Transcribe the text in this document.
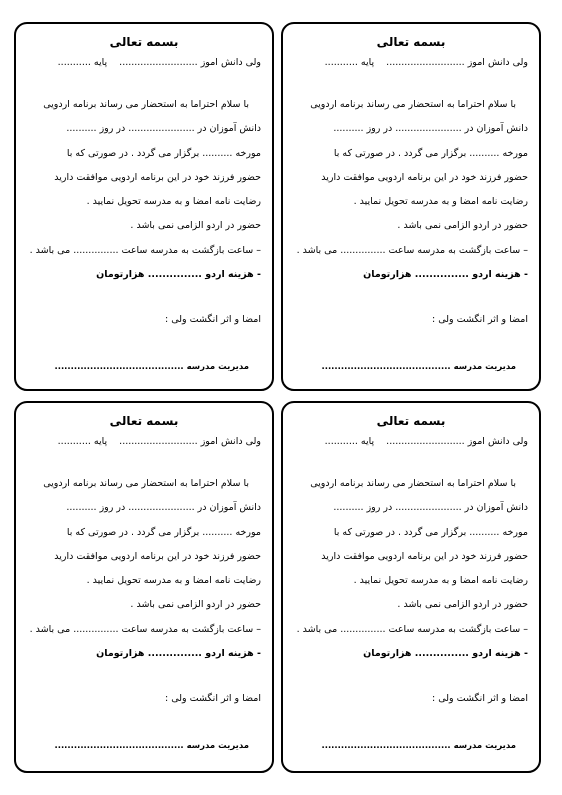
بسمه تعالی
ولی دانش آموز ..........................پایه ...........

با سلام احتراما به استحضار می رساند برنامه اردویی

دانش آموزان در ...................... در روز ..........

مورخه .......... برگزار می گردد . در صورتی که با

حضور فرزند خود در این برنامه اردویی موافقت دارید

رضایت نامه امضا و به مدرسه تحویل نمایید .

حضور در اردو الزامی نمی باشد .

– ساعت بازگشت به مدرسه ساعت ............... می باشد .

- هزینه اردو ............... هزارتومان

امضا و اثر انگشت ولی :
مدیریت مدرسه ........................................
بسمه تعالی
ولی دانش آموز ..........................پایه ...........

با سلام احتراما به استحضار می رساند برنامه اردویی

دانش آموزان در ...................... در روز ..........

مورخه .......... برگزار می گردد . در صورتی که با

حضور فرزند خود در این برنامه اردویی موافقت دارید

رضایت نامه امضا و به مدرسه تحویل نمایید .

حضور در اردو الزامی نمی باشد .

– ساعت بازگشت به مدرسه ساعت ............... می باشد .

- هزینه اردو ............... هزارتومان

امضا و اثر انگشت ولی :
مدیریت مدرسه ........................................
بسمه تعالی
ولی دانش آموز ..........................پایه ...........

با سلام احتراما به استحضار می رساند برنامه اردویی

دانش آموزان در ...................... در روز ..........

مورخه .......... برگزار می گردد . در صورتی که با

حضور فرزند خود در این برنامه اردویی موافقت دارید

رضایت نامه امضا و به مدرسه تحویل نمایید .

حضور در اردو الزامی نمی باشد .

– ساعت بازگشت به مدرسه ساعت ............... می باشد .

- هزینه اردو ............... هزارتومان

امضا و اثر انگشت ولی :
مدیریت مدرسه ........................................
بسمه تعالی
ولی دانش آموز ..........................پایه ...........

با سلام احتراما به استحضار می رساند برنامه اردویی

دانش آموزان در ...................... در روز ..........

مورخه .......... برگزار می گردد . در صورتی که با

حضور فرزند خود در این برنامه اردویی موافقت دارید

رضایت نامه امضا و به مدرسه تحویل نمایید .

حضور در اردو الزامی نمی باشد .

– ساعت بازگشت به مدرسه ساعت ............... می باشد .

- هزینه اردو ............... هزارتومان

امضا و اثر انگشت ولی :
مدیریت مدرسه ........................................
